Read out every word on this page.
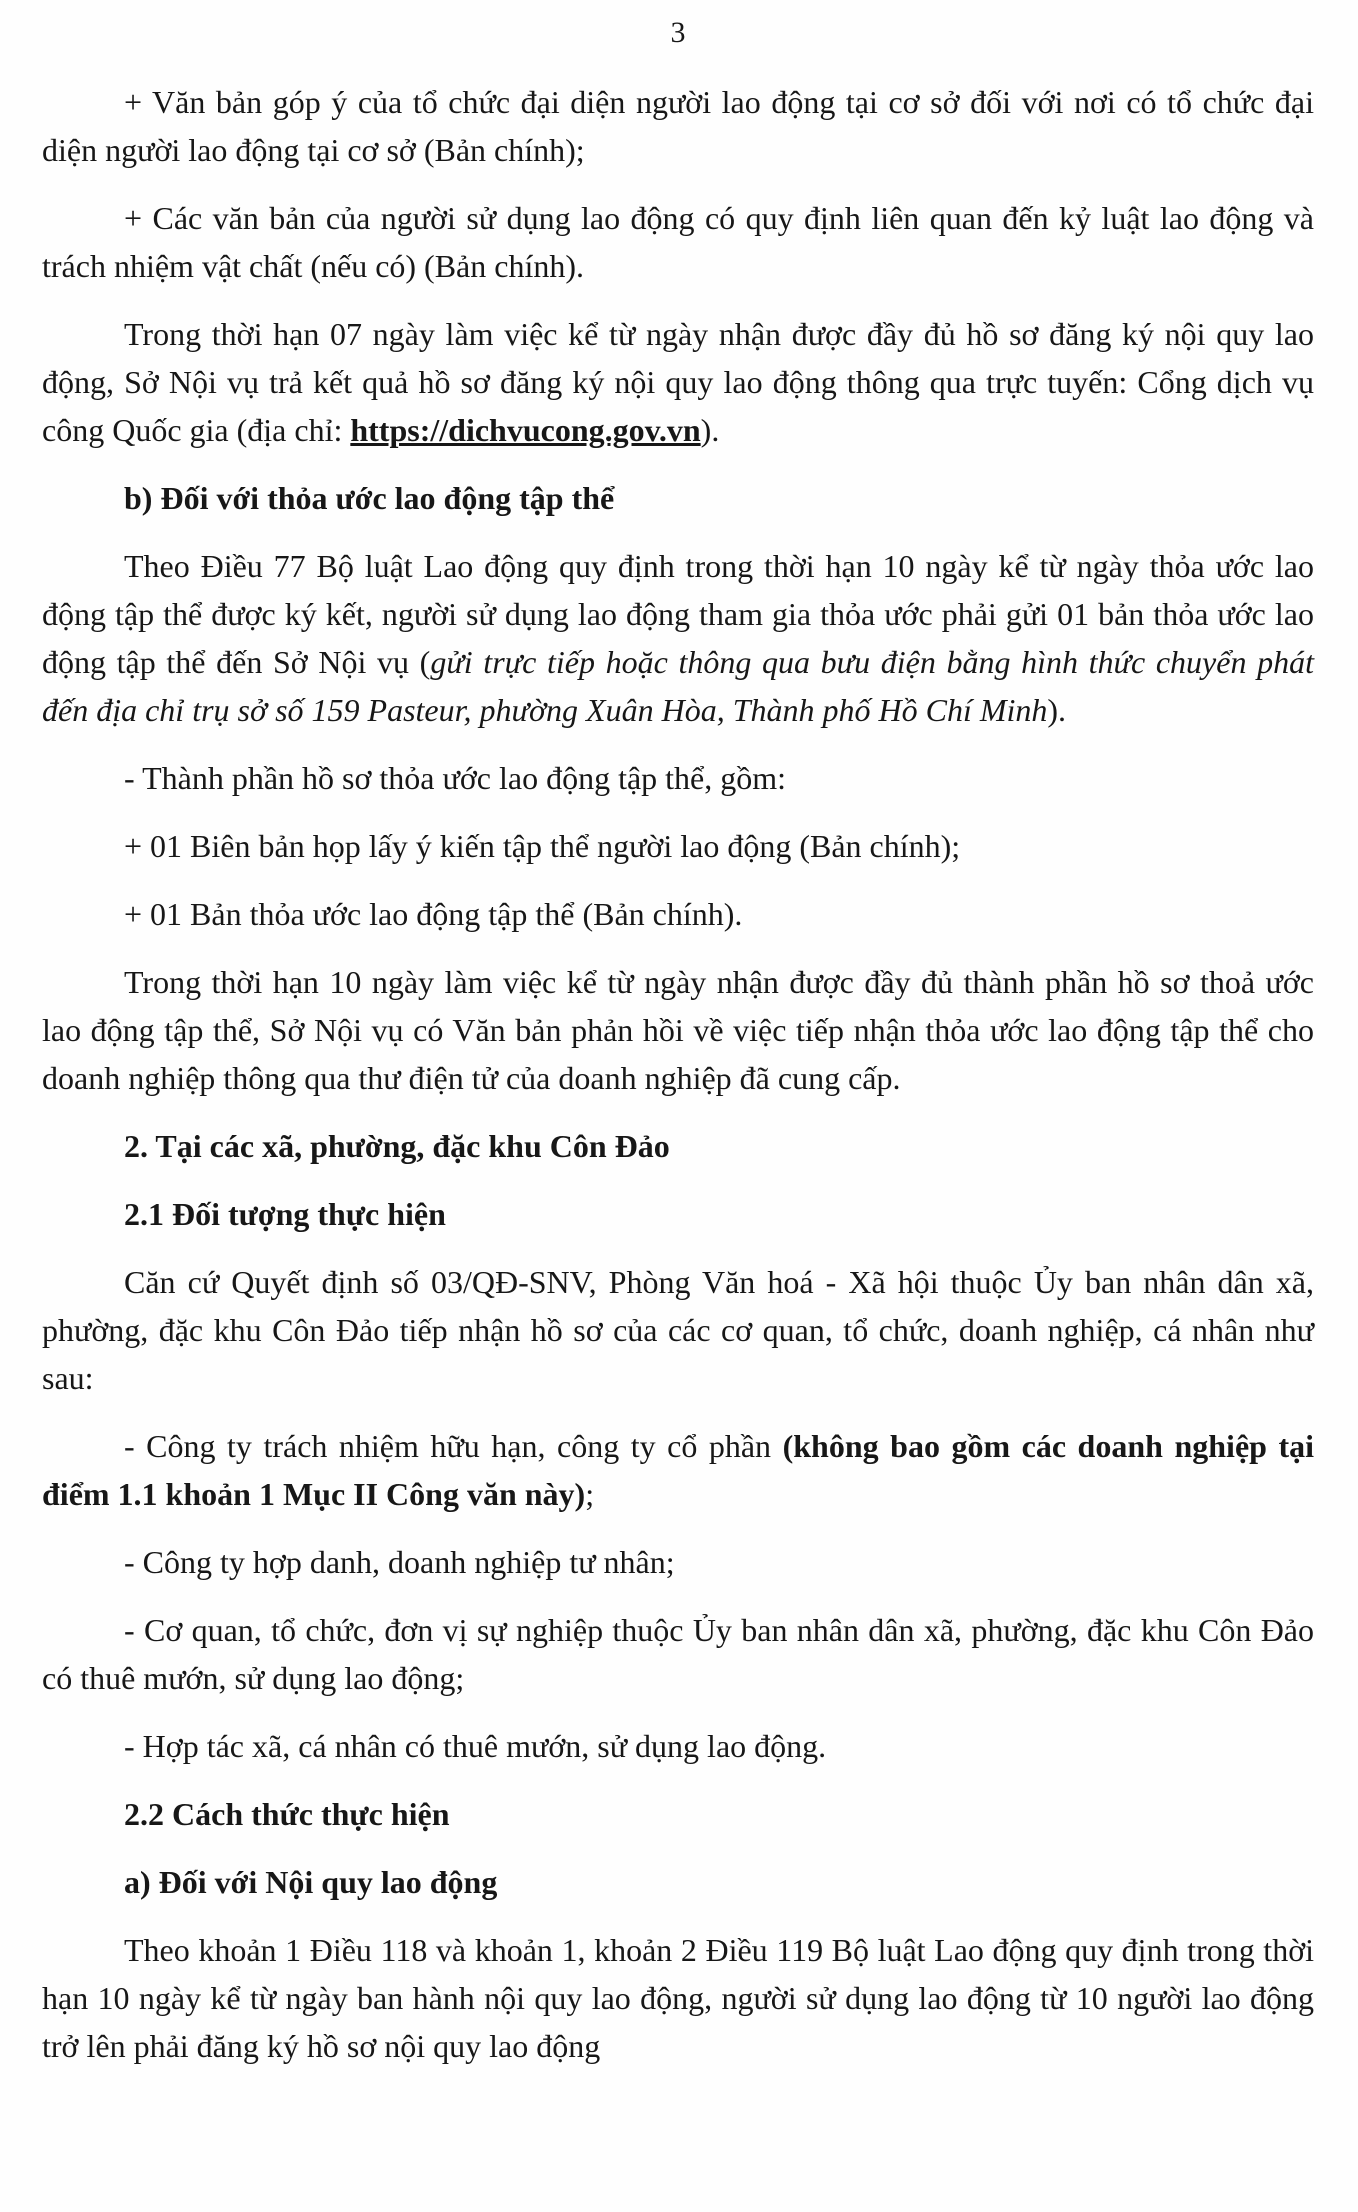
3

+ Văn bản góp ý của tổ chức đại diện người lao động tại cơ sở đối với nơi có tổ chức đại diện người lao động tại cơ sở (Bản chính);

+ Các văn bản của người sử dụng lao động có quy định liên quan đến kỷ luật lao động và trách nhiệm vật chất (nếu có) (Bản chính).

Trong thời hạn 07 ngày làm việc kể từ ngày nhận được đầy đủ hồ sơ đăng ký nội quy lao động, Sở Nội vụ trả kết quả hồ sơ đăng ký nội quy lao động thông qua trực tuyến: Cổng dịch vụ công Quốc gia (địa chỉ: https://dichvucong.gov.vn).

b) Đối với thỏa ước lao động tập thể

Theo Điều 77 Bộ luật Lao động quy định trong thời hạn 10 ngày kể từ ngày thỏa ước lao động tập thể được ký kết, người sử dụng lao động tham gia thỏa ước phải gửi 01 bản thỏa ước lao động tập thể đến Sở Nội vụ (gửi trực tiếp hoặc thông qua bưu điện bằng hình thức chuyển phát đến địa chỉ trụ sở số 159 Pasteur, phường Xuân Hòa, Thành phố Hồ Chí Minh).

- Thành phần hồ sơ thỏa ước lao động tập thể, gồm:

+ 01 Biên bản họp lấy ý kiến tập thể người lao động (Bản chính);

+ 01 Bản thỏa ước lao động tập thể (Bản chính).

Trong thời hạn 10 ngày làm việc kể từ ngày nhận được đầy đủ thành phần hồ sơ thoả ước lao động tập thể, Sở Nội vụ có Văn bản phản hồi về việc tiếp nhận thỏa ước lao động tập thể cho doanh nghiệp thông qua thư điện tử của doanh nghiệp đã cung cấp.

2. Tại các xã, phường, đặc khu Côn Đảo

2.1 Đối tượng thực hiện

Căn cứ Quyết định số 03/QĐ-SNV, Phòng Văn hoá - Xã hội thuộc Ủy ban nhân dân xã, phường, đặc khu Côn Đảo tiếp nhận hồ sơ của các cơ quan, tổ chức, doanh nghiệp, cá nhân như sau:

- Công ty trách nhiệm hữu hạn, công ty cổ phần (không bao gồm các doanh nghiệp tại điểm 1.1 khoản 1 Mục II Công văn này);

- Công ty hợp danh, doanh nghiệp tư nhân;

- Cơ quan, tổ chức, đơn vị sự nghiệp thuộc Ủy ban nhân dân xã, phường, đặc khu Côn Đảo có thuê mướn, sử dụng lao động;

- Hợp tác xã, cá nhân có thuê mướn, sử dụng lao động.

2.2 Cách thức thực hiện

a) Đối với Nội quy lao động

Theo khoản 1 Điều 118 và khoản 1, khoản 2 Điều 119 Bộ luật Lao động quy định trong thời hạn 10 ngày kể từ ngày ban hành nội quy lao động, người sử dụng lao động từ 10 người lao động trở lên phải đăng ký hồ sơ nội quy lao động
